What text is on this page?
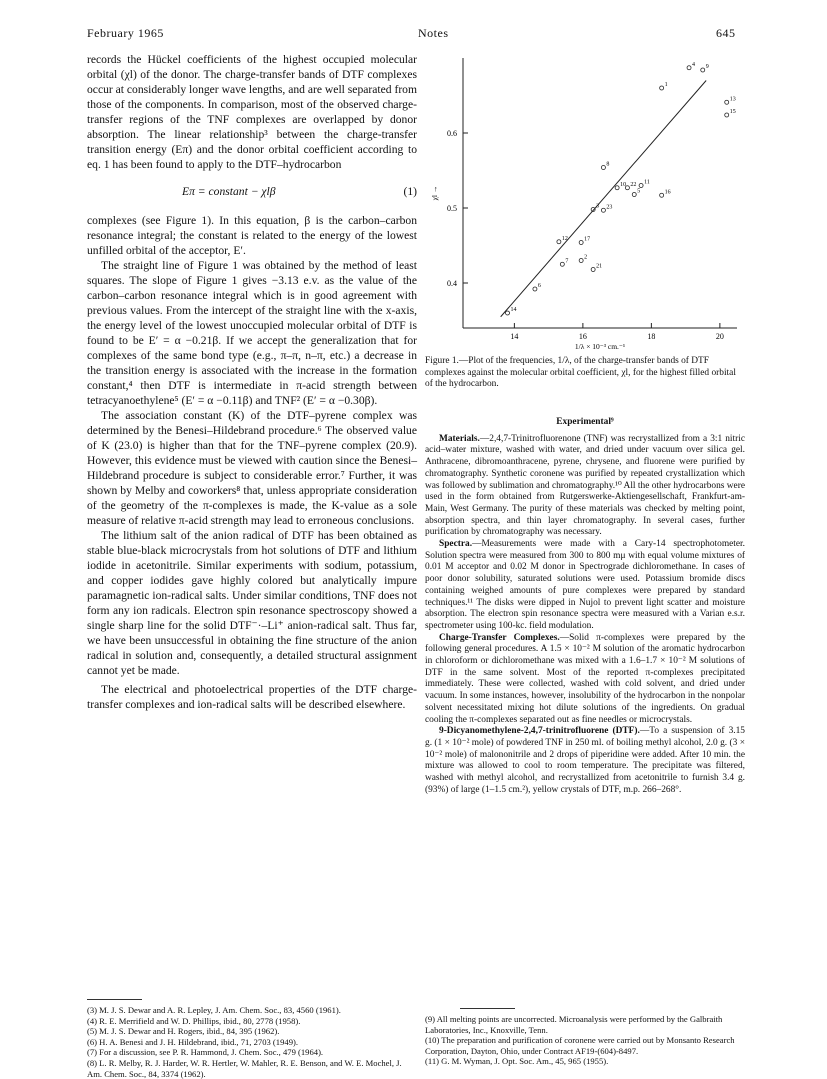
February 1965	Notes	645

records the Hückel coefficients of the highest occupied molecular orbital (χl) of the donor. The charge-transfer bands of DTF complexes occur at considerably longer wave lengths, and are well separated from those of the components. In comparison, most of the observed charge-transfer regions of the TNF complexes are overlapped by donor absorption. The linear relationship³ between the charge-transfer transition energy (Eπ) and the donor orbital coefficient according to eq. 1 has been found to apply to the DTF–hydrocarbon

Eπ = constant − χlβ	(1)

complexes (see Figure 1). In this equation, β is the carbon–carbon resonance integral; the constant is related to the energy of the lowest unfilled orbital of the acceptor, E′.

The straight line of Figure 1 was obtained by the method of least squares. The slope of Figure 1 gives −3.13 e.v. as the value of the carbon–carbon resonance integral which is in good agreement with previous values. From the intercept of the straight line with the x-axis, the energy level of the lowest unoccupied molecular orbital of DTF is found to be E′ = α −0.21β. If we accept the generalization that for complexes of the same bond type (e.g., π–π, n–π, etc.) a decrease in the transition energy is associated with the increase in the formation constant,⁴ then DTF is intermediate in π-acid strength between tetracyanoethylene⁵ (E′ = α −0.11β) and TNF² (E′ = α −0.30β).

The association constant (K) of the DTF–pyrene complex was determined by the Benesi–Hildebrand procedure.⁶ The observed value of K (23.0) is higher than that for the TNF–pyrene complex (20.9). However, this evidence must be viewed with caution since the Benesi–Hildebrand procedure is subject to considerable error.⁷ Further, it was shown by Melby and coworkers⁸ that, unless appropriate consideration of the geometry of the π-complexes is made, the K-value as a sole measure of relative π-acid strength may lead to erroneous conclusions.

The lithium salt of the anion radical of DTF has been obtained as stable blue-black microcrystals from hot solutions of DTF and lithium iodide in acetonitrile. Similar experiments with sodium, potassium, and copper iodides gave highly colored but analytically impure paramagnetic ion-radical salts. Under similar conditions, TNF does not form any ion radicals. Electron spin resonance spectroscopy showed a single sharp line for the solid DTF⁻·–Li⁺ anion-radical salt. Thus far, we have been unsuccessful in obtaining the fine structure of the anion radical in solution and, consequently, a detailed structural assignment cannot yet be made.

The electrical and photoelectrical properties of the DTF charge-transfer complexes and ion-radical salts will be described elsewhere.

(3) M. J. S. Dewar and A. R. Lepley, J. Am. Chem. Soc., 83, 4560 (1961).

(4) R. E. Merrifield and W. D. Phillips, ibid., 80, 2778 (1958).

(5) M. J. S. Dewar and H. Rogers, ibid., 84, 395 (1962).

(6) H. A. Benesi and J. H. Hildebrand, ibid., 71, 2703 (1949).

(7) For a discussion, see P. R. Hammond, J. Chem. Soc., 479 (1964).

(8) L. R. Melby, R. J. Harder, W. R. Hertler, W. Mahler, R. E. Benson, and W. E. Mochel, J. Am. Chem. Soc., 84, 3374 (1962).

14	16	18	20
0.4
0.5
0.6
1/λ × 10⁻³ cm.⁻¹
χl →
1
4 9
13
15
8
10 22 11
16
5
3 23
12	17
2
7
21
6
14

Figure 1.—Plot of the frequencies, 1/λ, of the charge-transfer bands of DTF complexes against the molecular orbital coefficient, χl, for the highest filled orbital of the hydrocarbon.

Experimental⁹

Materials.—2,4,7-Trinitrofluorenone (TNF) was recrystallized from a 3:1 nitric acid–water mixture, washed with water, and dried under vacuum over silica gel. Anthracene, dibromoanthracene, pyrene, chrysene, and fluorene were purified by chromatography. Synthetic coronene was purified by repeated crystallization which was followed by sublimation and chromatography.¹⁰ All the other hydrocarbons were used in the form obtained from Rutgerswerke-Aktiengesellschaft, Frankfurt-am-Main, West Germany. The purity of these materials was checked by melting point, absorption spectra, and thin layer chromatography. In several cases, further purification by chromatography was necessary.

Spectra.—Measurements were made with a Cary-14 spectrophotometer. Solution spectra were measured from 300 to 800 mμ with equal volume mixtures of 0.01 M acceptor and 0.02 M donor in Spectrograde dichloromethane. In cases of poor donor solubility, saturated solutions were used. Potassium bromide discs containing weighed amounts of pure complexes were prepared by standard techniques.¹¹ The disks were dipped in Nujol to prevent light scatter and moisture absorption. The electron spin resonance spectra were measured with a Varian e.s.r. spectrometer using 100-kc. field modulation.

Charge-Transfer Complexes.—Solid π-complexes were prepared by the following general procedures. A 1.5 × 10⁻² M solution of the aromatic hydrocarbon in chloroform or dichloromethane was mixed with a 1.6–1.7 × 10⁻² M solutions of DTF in the same solvent. Most of the reported π-complexes precipitated immediately. These were collected, washed with cold solvent, and dried under vacuum. In some instances, however, insolubility of the hydrocarbon in the nonpolar solvent necessitated mixing hot dilute solutions of the ingredients. On gradual cooling the π-complexes separated out as fine needles or microcrystals.

9-Dicyanomethylene-2,4,7-trinitrofluorene (DTF).—To a suspension of 3.15 g. (1 × 10⁻² mole) of powdered TNF in 250 ml. of boiling methyl alcohol, 2.0 g. (3 × 10⁻² mole) of malononitrile and 2 drops of piperidine were added. After 10 min. the mixture was allowed to cool to room temperature. The precipitate was filtered, washed with methyl alcohol, and recrystallized from acetonitrile to furnish 3.4 g. (93%) of large (1–1.5 cm.²), yellow crystals of DTF, m.p. 266–268°.

(9) All melting points are uncorrected. Microanalysis were performed by the Galbraith Laboratories, Inc., Knoxville, Tenn.

(10) The preparation and purification of coronene were carried out by Monsanto Research Corporation, Dayton, Ohio, under Contract AF19-(604)-8497.

(11) G. M. Wyman, J. Opt. Soc. Am., 45, 965 (1955).
